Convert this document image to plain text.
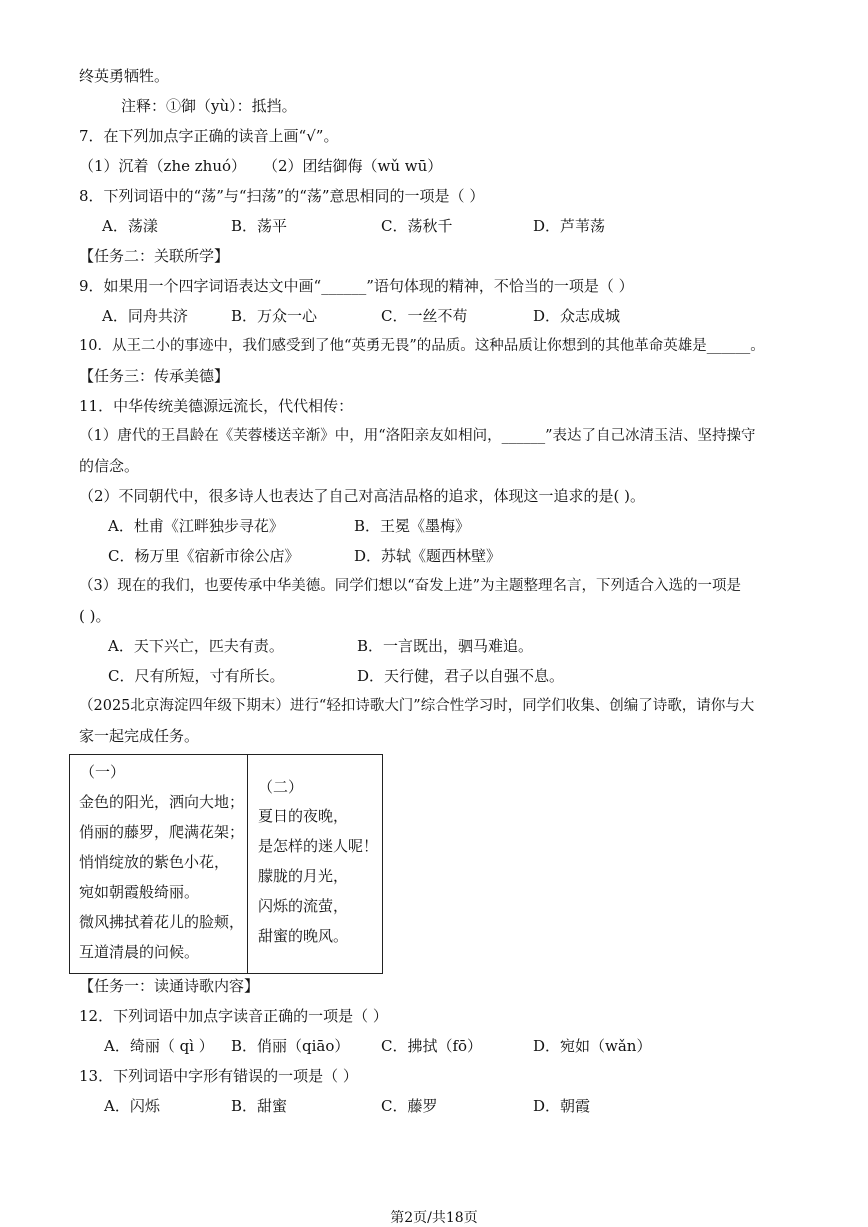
终英勇牺牲。
注释：①御（yù）：抵挡。
7．在下列加点字正确的读音上画“√”。
（1）沉着（zhe zhuó） （2）团结御侮（wǔ wū）
8．下列词语中的“荡”与“扫荡”的“荡”意思相同的一项是（ ）
A．荡漾	B．荡平	C．荡秋千	D．芦苇荡
【任务二：关联所学】
9．如果用一个四字词语表达文中画“______”语句体现的精神，不恰当的一项是（ ）
A．同舟共济	B．万众一心	C．一丝不苟	D．众志成城
10．从王二小的事迹中，我们感受到了他“英勇无畏”的品质。这种品质让你想到的其他革命英雄是______。
【任务三：传承美德】
11．中华传统美德源远流长，代代相传：
（1）唐代的王昌龄在《芙蓉楼送辛渐》中，用“洛阳亲友如相问，______”表达了自己冰清玉洁、坚持操守
的信念。
（2）不同朝代中，很多诗人也表达了自己对高洁品格的追求，体现这一追求的是( )。
A．杜甫《江畔独步寻花》	B．王冕《墨梅》
C．杨万里《宿新市徐公店》	D．苏轼《题西林壁》
（3）现在的我们，也要传承中华美德。同学们想以“奋发上进”为主题整理名言，下列适合入选的一项是
( )。
A．天下兴亡，匹夫有责。	B．一言既出，驷马难追。
C．尺有所短，寸有所长。	D．天行健，君子以自强不息。
（2025北京海淀四年级下期末）进行“轻扣诗歌大门”综合性学习时，同学们收集、创编了诗歌，请你与大
家一起完成任务。
（一）
金色的阳光，洒向大地；
俏丽的藤罗，爬满花架；
悄悄绽放的紫色小花，
宛如朝霞般绮丽。
微风拂拭着花儿的脸颊，
互道清晨的问候。
（二）
夏日的夜晚，
是怎样的迷人呢！
朦胧的月光，
闪烁的流萤，
甜蜜的晚风。
【任务一：读通诗歌内容】
12．下列词语中加点字读音正确的一项是（ ）
A．绮丽（ qì ） B．俏丽（qiāo） C．拂拭（fō）	D．宛如（wǎn）
13．下列词语中字形有错误的一项是（ ）
A．闪烁	B．甜蜜	C．藤罗	D．朝霞
第2页/共18页
